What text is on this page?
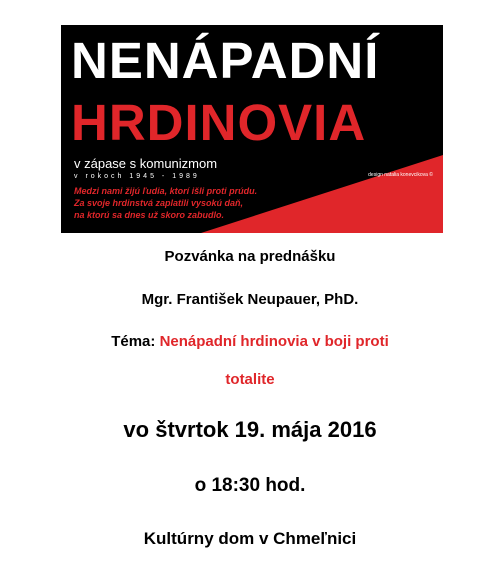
NENÁPADNÍ
HRDINOVIA
v zápase s komunizmom
v rokoch 1945 - 1989	design natalia konevcikova ©
Medzi nami žijú ľudia, ktorí išli proti prúdu.
Za svoje hrdinstvá zaplatili vysokú daň,
na ktorú sa dnes už skoro zabudlo.
Pozvánka na prednášku
Mgr. František Neupauer, PhD.
Téma: Nenápadní hrdinovia v boji proti
totalite
vo štvrtok 19. mája 2016
o 18:30 hod.
Kultúrny dom v Chmeľnici
